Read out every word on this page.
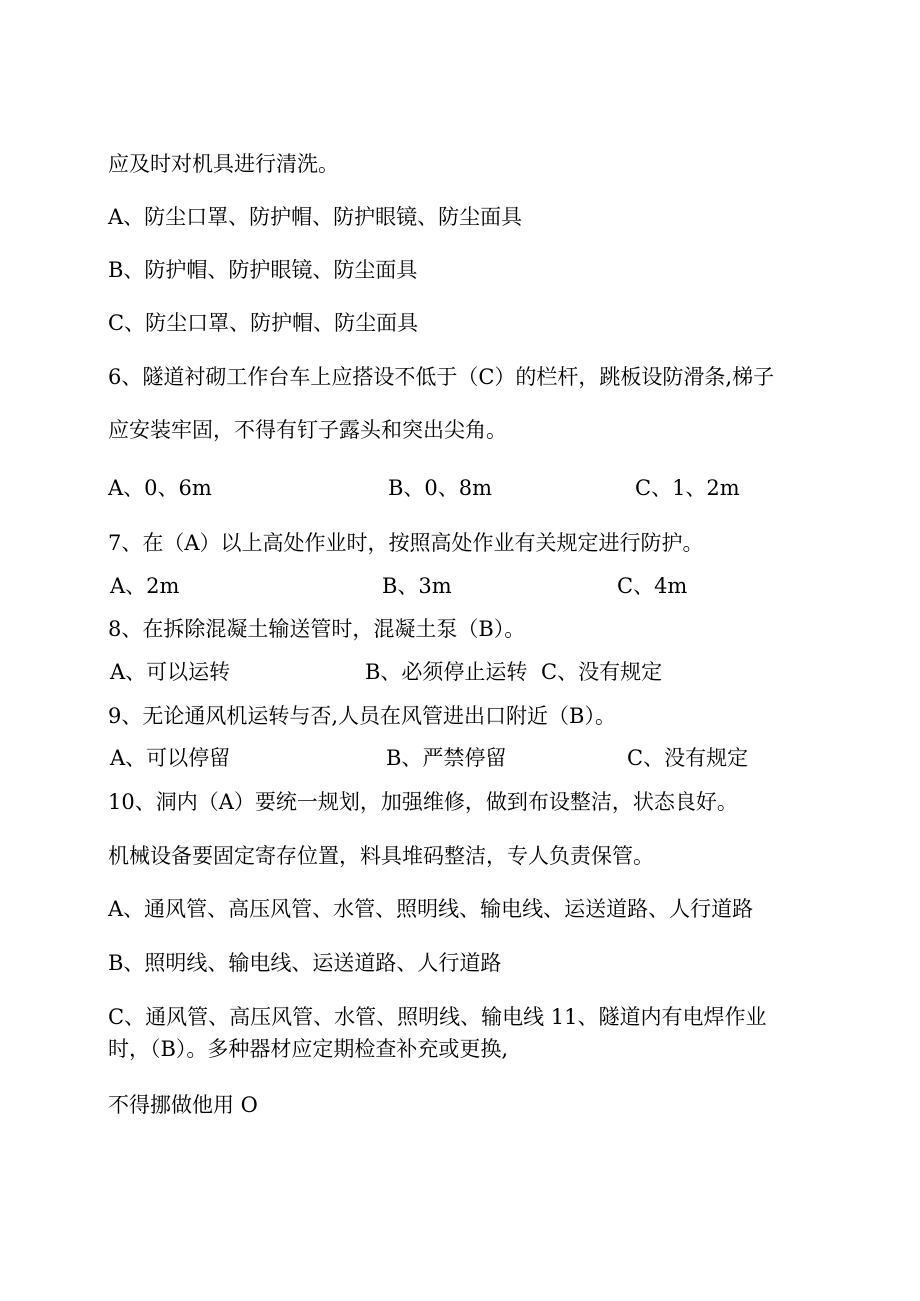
应及时对机具进行清洗。
A、防尘口罩、防护帽、防护眼镜、防尘面具
B、防护帽、防护眼镜、防尘面具
C、防尘口罩、防护帽、防尘面具
6、隧道衬砌工作台车上应搭设不低于（C）的栏杆，跳板设防滑条,梯子
应安装牢固，不得有钉子露头和突出尖角。
A、0、6m	B、0、8m	C、1、2m
7、在（A）以上高处作业时，按照高处作业有关规定进行防护。
A、2m	B、3m	C、4m
8、在拆除混凝土输送管时，混凝土泵（B）。
A、可以运转	B、必须停止运转 C、没有规定
9、无论通风机运转与否,人员在风管进出口附近（B）。
A、可以停留	B、严禁停留	C、没有规定
10、洞内（A）要统一规划，加强维修，做到布设整洁，状态良好。
机械设备要固定寄存位置，料具堆码整洁，专人负责保管。
A、通风管、高压风管、水管、照明线、输电线、运送道路、人行道路
B、照明线、输电线、运送道路、人行道路
C、通风管、高压风管、水管、照明线、输电线 11、隧道内有电焊作业
时，（B）。多种器材应定期检查补充或更换,
不得挪做他用 O
